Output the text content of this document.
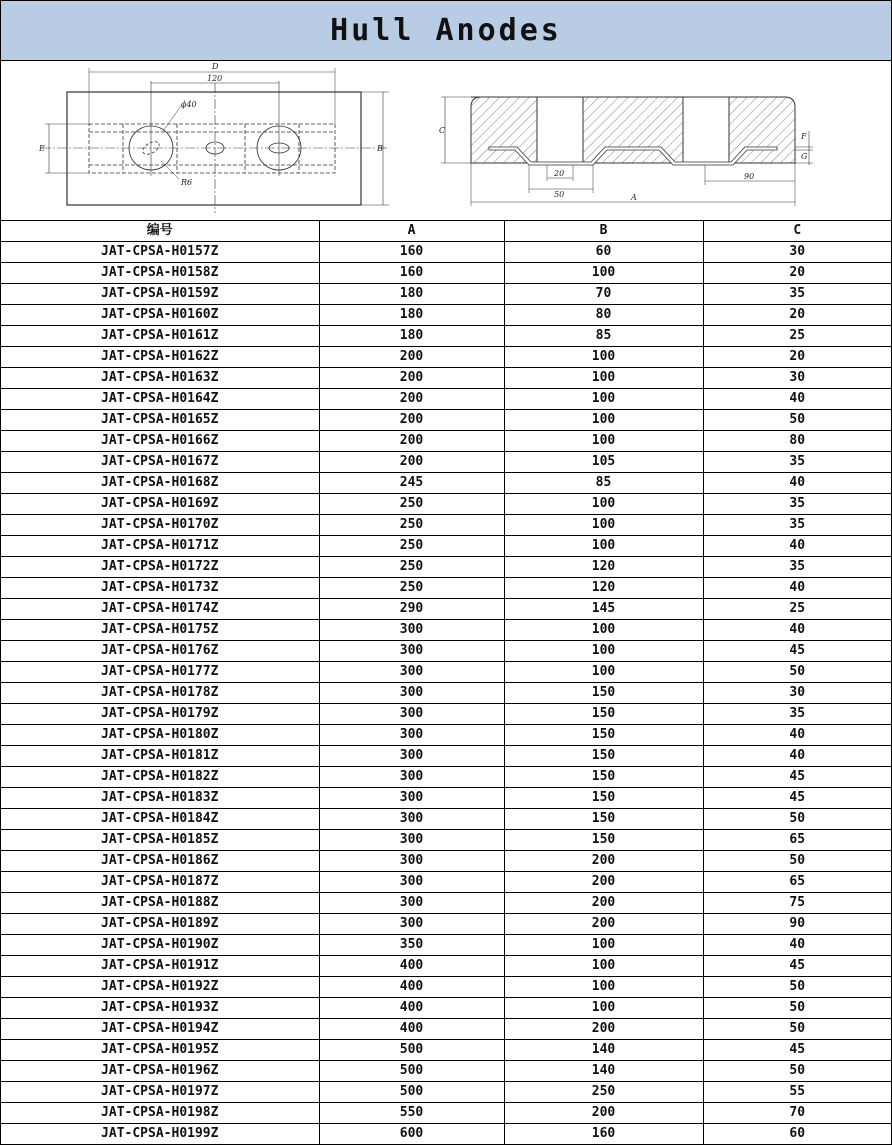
Hull Anodes
D
120
ϕ40
R6
E	B
C
F
G
20
50
90
A
编号	A	B	C
JAT-CPSA-H0157Z	160	60	30
JAT-CPSA-H0158Z	160	100	20
JAT-CPSA-H0159Z	180	70	35
JAT-CPSA-H0160Z	180	80	20
JAT-CPSA-H0161Z	180	85	25
JAT-CPSA-H0162Z	200	100	20
JAT-CPSA-H0163Z	200	100	30
JAT-CPSA-H0164Z	200	100	40
JAT-CPSA-H0165Z	200	100	50
JAT-CPSA-H0166Z	200	100	80
JAT-CPSA-H0167Z	200	105	35
JAT-CPSA-H0168Z	245	85	40
JAT-CPSA-H0169Z	250	100	35
JAT-CPSA-H0170Z	250	100	35
JAT-CPSA-H0171Z	250	100	40
JAT-CPSA-H0172Z	250	120	35
JAT-CPSA-H0173Z	250	120	40
JAT-CPSA-H0174Z	290	145	25
JAT-CPSA-H0175Z	300	100	40
JAT-CPSA-H0176Z	300	100	45
JAT-CPSA-H0177Z	300	100	50
JAT-CPSA-H0178Z	300	150	30
JAT-CPSA-H0179Z	300	150	35
JAT-CPSA-H0180Z	300	150	40
JAT-CPSA-H0181Z	300	150	40
JAT-CPSA-H0182Z	300	150	45
JAT-CPSA-H0183Z	300	150	45
JAT-CPSA-H0184Z	300	150	50
JAT-CPSA-H0185Z	300	150	65
JAT-CPSA-H0186Z	300	200	50
JAT-CPSA-H0187Z	300	200	65
JAT-CPSA-H0188Z	300	200	75
JAT-CPSA-H0189Z	300	200	90
JAT-CPSA-H0190Z	350	100	40
JAT-CPSA-H0191Z	400	100	45
JAT-CPSA-H0192Z	400	100	50
JAT-CPSA-H0193Z	400	100	50
JAT-CPSA-H0194Z	400	200	50
JAT-CPSA-H0195Z	500	140	45
JAT-CPSA-H0196Z	500	140	50
JAT-CPSA-H0197Z	500	250	55
JAT-CPSA-H0198Z	550	200	70
JAT-CPSA-H0199Z	600	160	60
